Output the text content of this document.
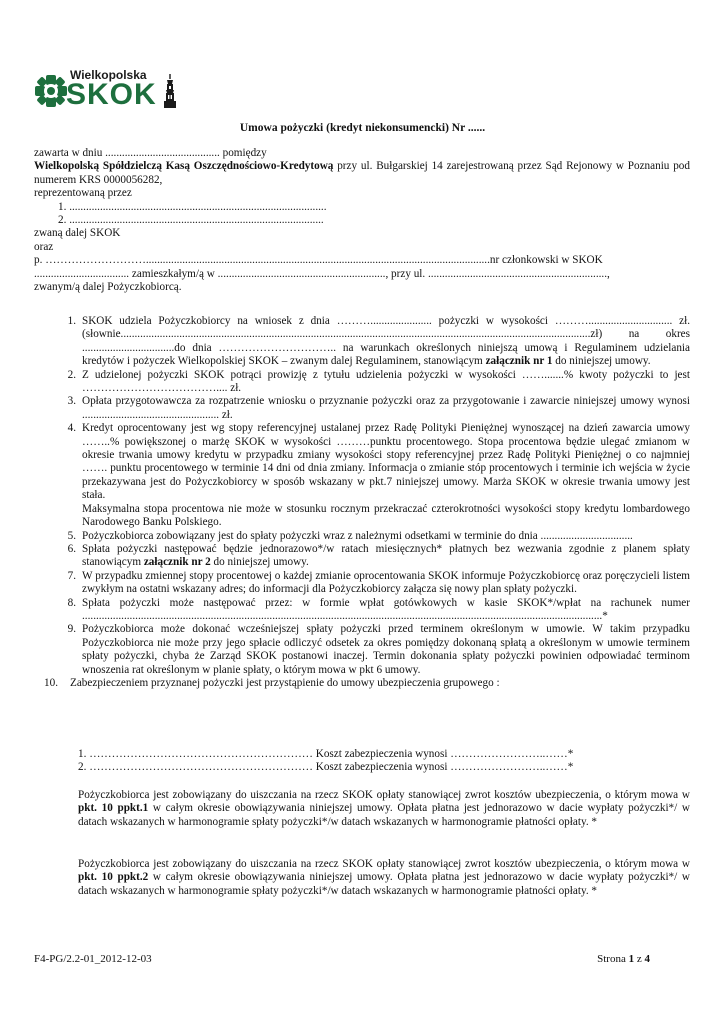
Wielkopolska
SKOK
Umowa pożyczki (kredyt niekonsumencki) Nr ......
zawarta w dniu ......................................... pomiędzy
Wielkopolską Spółdzielczą Kasą Oszczędnościowo-Kredytową przy ul. Bułgarskiej 14 zarejestrowaną przez Sąd Rejonowy w Poznaniu pod numerem KRS 0000056282,
reprezentowaną przez
1. ............................................................................................
2. ...........................................................................................
zwaną dalej SKOK
oraz
p. ………………………...........................................................................................................................nr członkowski w SKOK
.................................. zamieszkałym/ą w ............................................................, przy ul. ................................................................,
zwanym/ą dalej Pożyczkobiorcą.
1. SKOK udziela Pożyczkobiorcy na wniosek z dnia ………...................... pożyczki w wysokości ……….............................. zł. (słownie........................................................................................................................................................................zł) na okres .................................do dnia ………………………….. na warunkach określonych niniejszą umową i Regulaminem udzielania kredytów i pożyczek Wielkopolskiej SKOK – zwanym dalej Regulaminem, stanowiącym załącznik nr 1 do niniejszej umowy.
2. Z udzielonej pożyczki SKOK potrąci prowizję z tytułu udzielenia pożyczki w wysokości …….......% kwoty pożyczki to jest ……………………………….... zł.
3. Opłata przygotowawcza za rozpatrzenie wniosku o przyznanie pożyczki oraz za przygotowanie i zawarcie niniejszej umowy wynosi ................................................. zł.
4. Kredyt oprocentowany jest wg stopy referencyjnej ustalanej przez Radę Polityki Pieniężnej wynoszącej na dzień zawarcia umowy ……..% powiększonej o marżę SKOK w wysokości ………punktu procentowego. Stopa procentowa będzie ulegać zmianom w okresie trwania umowy kredytu w przypadku zmiany wysokości stopy referencyjnej przez Radę Polityki Pieniężnej o co najmniej ……. punktu procentowego w terminie 14 dni od dnia zmiany. Informacja o zmianie stóp procentowych i terminie ich wejścia w życie przekazywana jest do Pożyczkobiorcy w sposób wskazany w pkt.7 niniejszej umowy. Marża SKOK w okresie trwania umowy jest stała.
Maksymalna stopa procentowa nie może w stosunku rocznym przekraczać czterokrotności wysokości stopy kredytu lombardowego Narodowego Banku Polskiego.
5. Pożyczkobiorca zobowiązany jest do spłaty pożyczki wraz z należnymi odsetkami w terminie do dnia .................................
6. Spłata pożyczki następować będzie jednorazowo*/w ratach miesięcznych* płatnych bez wezwania zgodnie z planem spłaty stanowiącym załącznik nr 2 do niniejszej umowy.
7. W przypadku zmiennej stopy procentowej o każdej zmianie oprocentowania SKOK informuje Pożyczkobiorcę oraz poręczycieli listem zwykłym na ostatni wskazany adres; do informacji dla Pożyczkobiorcy załącza się nowy plan spłaty pożyczki.
8. Spłata pożyczki może następować przez: w formie wpłat gotówkowych w kasie SKOK*/wpłat na rachunek numer ..........................................................................................................................................................................................*
9. Pożyczkobiorca może dokonać wcześniejszej spłaty pożyczki przed terminem określonym w umowie. W takim przypadku Pożyczkobiorca nie może przy jego spłacie odliczyć odsetek za okres pomiędzy dokonaną spłatą a określonym w umowie terminem spłaty pożyczki, chyba że Zarząd SKOK postanowi inaczej. Termin dokonania spłaty pożyczki powinien odpowiadać terminom wnoszenia rat określonym w planie spłaty, o którym mowa w pkt 6 umowy.
10. Zabezpieczeniem przyznanej pożyczki jest przystąpienie do umowy ubezpieczenia grupowego :
1. …………………………………………………… Koszt zabezpieczenia wynosi ……………………..……*
2. …………………………………………………… Koszt zabezpieczenia wynosi ……………………..……*
Pożyczkobiorca jest zobowiązany do uiszczania na rzecz SKOK opłaty stanowiącej zwrot kosztów ubezpieczenia, o którym mowa w pkt. 10 ppkt.1 w całym okresie obowiązywania niniejszej umowy. Opłata płatna jest jednorazowo w dacie wypłaty pożyczki*/ w datach wskazanych w harmonogramie spłaty pożyczki*/w datach wskazanych w harmonogramie płatności opłaty. *
Pożyczkobiorca jest zobowiązany do uiszczania na rzecz SKOK opłaty stanowiącej zwrot kosztów ubezpieczenia, o którym mowa w pkt. 10 ppkt.2 w całym okresie obowiązywania niniejszej umowy. Opłata płatna jest jednorazowo w dacie wypłaty pożyczki*/ w datach wskazanych w harmonogramie spłaty pożyczki*/w datach wskazanych w harmonogramie płatności opłaty. *
F4-PG/2.2-01_2012-12-03	Strona 1 z 4
